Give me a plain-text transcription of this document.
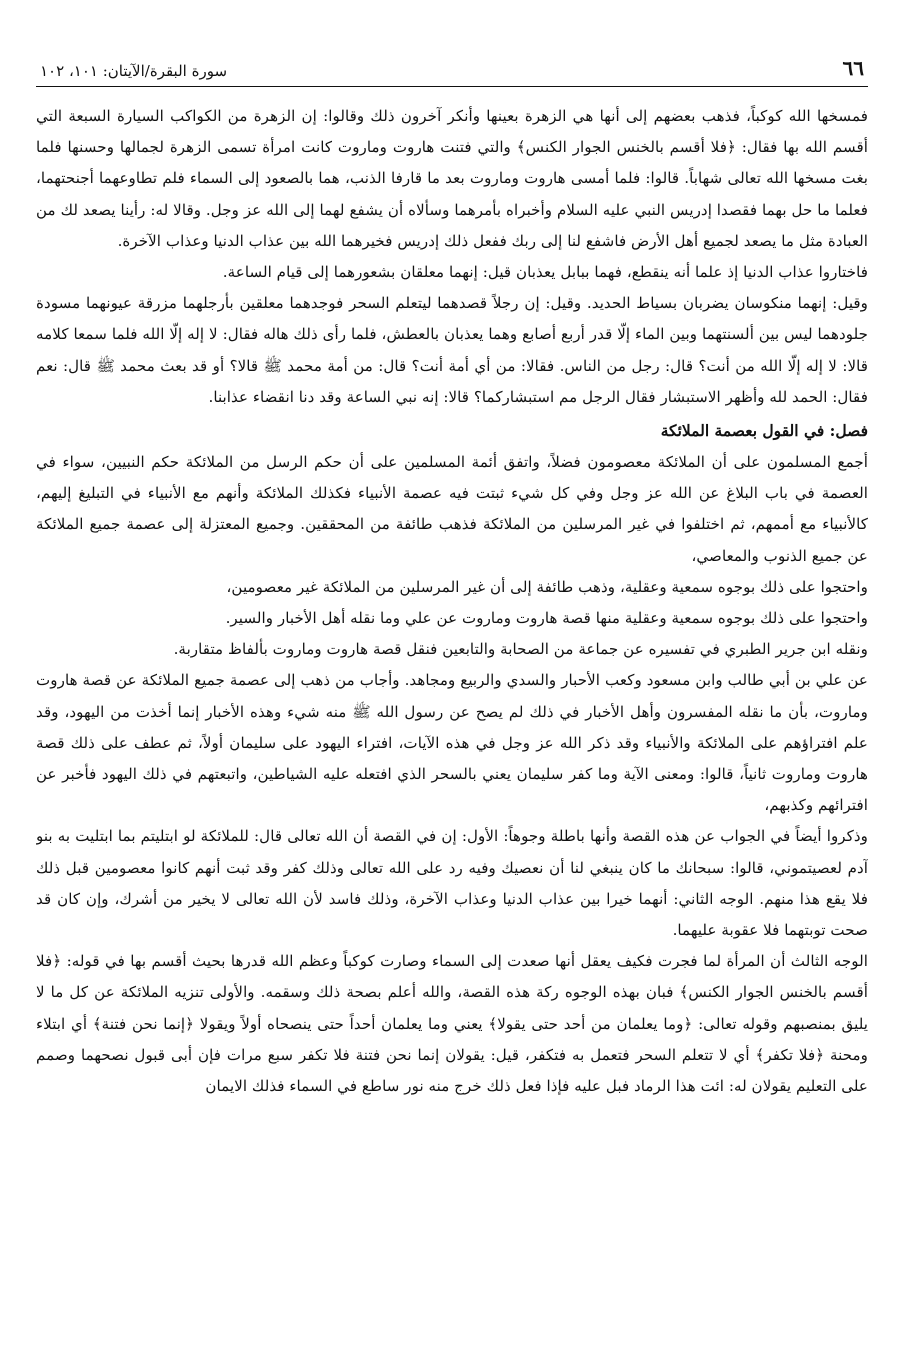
٦٦
سورة البقرة/الآيتان: ١٠١، ١٠٢

فمسخها الله كوكباً، فذهب بعضهم إلى أنها هي الزهرة بعينها وأنكر آخرون ذلك وقالوا: إن الزهرة من الكواكب السيارة السبعة التي أقسم الله بها فقال: ﴿فلا أقسم بالخنس الجوار الكنس﴾ والتي فتنت هاروت وماروت كانت امرأة تسمى الزهرة لجمالها وحسنها فلما بغت مسخها الله تعالى شهاباً. قالوا: فلما أمسى هاروت وماروت بعد ما قارفا الذنب، هما بالصعود إلى السماء فلم تطاوعهما أجنحتهما، فعلما ما حل بهما فقصدا إدريس النبي عليه السلام وأخبراه بأمرهما وسألاه أن يشفع لهما إلى الله عز وجل. وقالا له: رأينا يصعد لك من العبادة مثل ما يصعد لجميع أهل الأرض فاشفع لنا إلى ربك ففعل ذلك إدريس فخيرهما الله بين عذاب الدنيا وعذاب الآخرة.

فاختاروا عذاب الدنيا إذ علما أنه ينقطع، فهما ببابل يعذبان قيل: إنهما معلقان بشعورهما إلى قيام الساعة.

وقيل: إنهما منكوسان يضربان بسياط الحديد. وقيل: إن رجلاً قصدهما ليتعلم السحر فوجدهما معلقين بأرجلهما مزرقة عيونهما مسودة جلودهما ليس بين ألسنتهما وبين الماء إلّا قدر أربع أصابع وهما يعذبان بالعطش، فلما رأى ذلك هاله فقال: لا إله إلّا الله فلما سمعا كلامه قالا: لا إله إلّا الله من أنت؟ قال: رجل من الناس. فقالا: من أي أمة أنت؟ قال: من أمة محمد ﷺ قالا؟ أو قد بعث محمد ﷺ قال: نعم فقال: الحمد لله وأظهر الاستبشار فقال الرجل مم استبشاركما؟ قالا: إنه نبي الساعة وقد دنا انقضاء عذابنا.

فصل: في القول بعصمة الملائكة

أجمع المسلمون على أن الملائكة معصومون فضلاً، واتفق أئمة المسلمين على أن حكم الرسل من الملائكة حكم النبيين، سواء في العصمة في باب البلاغ عن الله عز وجل وفي كل شيء ثبتت فيه عصمة الأنبياء فكذلك الملائكة وأنهم مع الأنبياء في التبليغ إليهم، كالأنبياء مع أممهم، ثم اختلفوا في غير المرسلين من الملائكة فذهب طائفة من المحققين. وجميع المعتزلة إلى عصمة جميع الملائكة عن جميع الذنوب والمعاصي،

واحتجوا على ذلك بوجوه سمعية وعقلية، وذهب طائفة إلى أن غير المرسلين من الملائكة غير معصومين،

واحتجوا على ذلك بوجوه سمعية وعقلية منها قصة هاروت وماروت عن علي وما نقله أهل الأخبار والسير.

ونقله ابن جرير الطبري في تفسيره عن جماعة من الصحابة والتابعين فنقل قصة هاروت وماروت بألفاظ متقاربة.

عن علي بن أبي طالب وابن مسعود وكعب الأحبار والسدي والربيع ومجاهد. وأجاب من ذهب إلى عصمة جميع الملائكة عن قصة هاروت وماروت، بأن ما نقله المفسرون وأهل الأخبار في ذلك لم يصح عن رسول الله ﷺ منه شيء وهذه الأخبار إنما أخذت من اليهود، وقد علم افتراؤهم على الملائكة والأنبياء وقد ذكر الله عز وجل في هذه الآيات، افتراء اليهود على سليمان أولاً، ثم عطف على ذلك قصة هاروت وماروت ثانياً، قالوا: ومعنى الآية وما كفر سليمان يعني بالسحر الذي افتعله عليه الشياطين، واتبعتهم في ذلك اليهود فأخبر عن افترائهم وكذبهم،

وذكروا أيضاً في الجواب عن هذه القصة وأنها باطلة وجوهاً: الأول: إن في القصة أن الله تعالى قال: للملائكة لو ابتليتم بما ابتليت به بنو آدم لعصيتموني، قالوا: سبحانك ما كان ينبغي لنا أن نعصيك وفيه رد على الله تعالى وذلك كفر وقد ثبت أنهم كانوا معصومين قبل ذلك فلا يقع هذا منهم. الوجه الثاني: أنهما خيرا بين عذاب الدنيا وعذاب الآخرة، وذلك فاسد لأن الله تعالى لا يخير من أشرك، وإن كان قد صحت توبتهما فلا عقوبة عليهما.

الوجه الثالث أن المرأة لما فجرت فكيف يعقل أنها صعدت إلى السماء وصارت كوكباً وعظم الله قدرها بحيث أقسم بها في قوله: ﴿فلا أقسم بالخنس الجوار الكنس﴾ فبان بهذه الوجوه ركة هذه القصة، والله أعلم بصحة ذلك وسقمه. والأولى تنزيه الملائكة عن كل ما لا يليق بمنصبهم وقوله تعالى: ﴿وما يعلمان من أحد حتى يقولا﴾ يعني وما يعلمان أحداً حتى ينصحاه أولاً ويقولا ﴿إنما نحن فتنة﴾ أي ابتلاء ومحنة ﴿فلا تكفر﴾ أي لا تتعلم السحر فتعمل به فتكفر، قيل: يقولان إنما نحن فتنة فلا تكفر سبع مرات فإن أبى قبول نصحهما وصمم على التعليم يقولان له: ائت هذا الرماد فبل عليه فإذا فعل ذلك خرج منه نور ساطع في السماء فذلك الايمان
